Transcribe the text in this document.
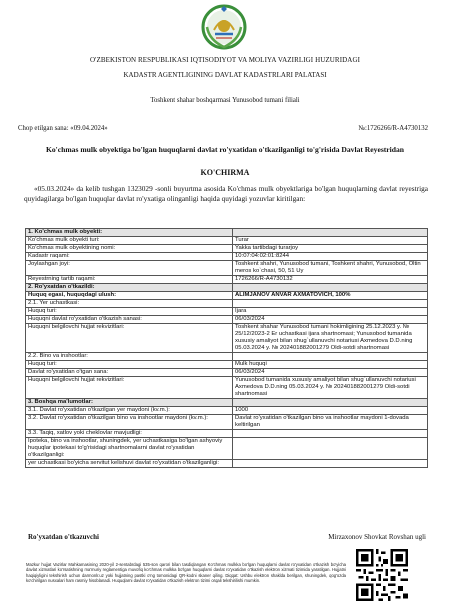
O'ZBEKISTON RESPUBLIKASI IQTISODIYOT VA MOLIYA VAZIRLIGI HUZURIDAGI
KADASTR AGENTLIGINING DAVLAT KADASTRLARI PALATASI
Toshkent shahar boshqarmasi Yunusobod tumani filiali
Chop etilgan sana: «09.04.2024»	№:1726266/R-A4730132
Ko'chmas mulk obyektiga bo'lgan huquqlarni davlat ro'yxatidan o'tkazilganligi to'g'risida Davlat Reyestridan
KO'CHIRMA
«05.03.2024» da kelib tushgan 1323029 -sonli buyurtma asosida Ko'chmas mulk obyektlariga bo'lgan huquqlarning davlat reyestriga quyidagilarga bo'lgan huquqlar davlat ro'yxatiga olinganligi haqida quyidagi yozuvlar kiritilgan:
1. Ko'chmas mulk obyekti:	
Ko'chmas mulk obyekti turi:	Turar
Ko'chmas mulk obyektining nomi:	Yakka tartibdagi turarjoy
Kadastr raqami:	10:07:04:02:01:8244
Joylashgan joyi:	Toshkent shahri, Yunusobod tumani, Toshkent shahri, Yunusobod, Oltin meros ko`chasi, 50, 51 Uy
Reyestrning tartib raqami:	1726266/R-A4730132
2. Ro'yxatdan o'tkazildi:	
Huquq egasi, huquqdagi ulush:	ALIMJANOV ANVAR AXMATOVICH, 100%
2.1. Yer uchastkasi:	
Huquq turi:	Ijara
Huquqni davlat ro'yxatidan o'tkazish sanasi:	06/03/2024
Huquqni belgilovchi hujjat rekvizitlari:	Toshkent shahar Yunusobod tumani hokimligining 25.12.2023 y. № 25/12/2023-2 Er uchastkasi ijara shartnomasi; Yunusobod tumanida xususiy amaliyot bilan shug`ullanuvchi notariusi Axmedova D.D.ning 05.03.2024 y. № 202401882001279 Oldi-sotdi shartnomasi
2.2. Bino va inshootlar:	
Huquq turi:	Mulk huquqi
Davlat ro'yxatidan o'tgan sana:	06/03/2024
Huquqni belgilovchi hujjat rekvizitlari:	Yunusobod tumanida xususiy amaliyot bilan shug`ullanuvchi notariusi Axmedova D.D.ning 05.03.2024 y. № 202401882001279 Oldi-sotdi shartnomasi
3. Boshqa ma'lumotlar:	
3.1. Davlat ro'yxatidan o'tkazilgan yer maydoni (kv.m.):	1000
3.2. Davlat ro'yxatidan o'tkazilgan bino va inshootlar maydoni (kv.m.):	Davlat ro'yxatidan o'tkazilgan bino va inshootlar maydoni 1-dovada keltirilgan
3.3. Taqiq, xatlov yoki cheklovlar mavjudligi:	
Ipoteka, bino va inshootlar, shuningdek, yer uchastkasiga bo'lgan ashyoviy huquqlar ipotekasi to'g'risidagi shartnomalarni davlat ro'yxatidan o'tkazilganligi:	
yer uchastkasi bo'yicha servitut kelishuvi davlat ro'yxatidan o'tkazilganligi:	
Ro'yxatdan o'tkazuvchi	Mirzaxonov Shovkat Rovshan ugli
Mazkur hujjat Vazirlar Mahkamasining 2020-yil 2-sentabrdagi 535-son qarori bilan tasdiqlangan Ko'chmas mulkka bo'lgan huquqlarni davlat ro'yxatidan o'tkazish bo'yicha davlat xizmatlari ko'rsatishning ma'muriy reglamentiga muvofiq ko'chmas mulkka bo'lgan huquqlarni davlat ro'yxatidan o'tkazish elektron xizmati tizimida yaratilgan. Hujjatni haqiqiyligini tekshirish uchun darmonlr.uz yoki hujjatning pastki o'ng tomonidagi QR-kodni skaner qiling. Diqqat: Ushbu elektron shaklda berilgan, shuningdek, qog'ozda ko'chirilgan nusxalari ham rasmiy hisoblanadi. Huquqlarni davlat ro'yxatidan o'tkazish elektron tizimi orqali tekshirilishi mumkin.
